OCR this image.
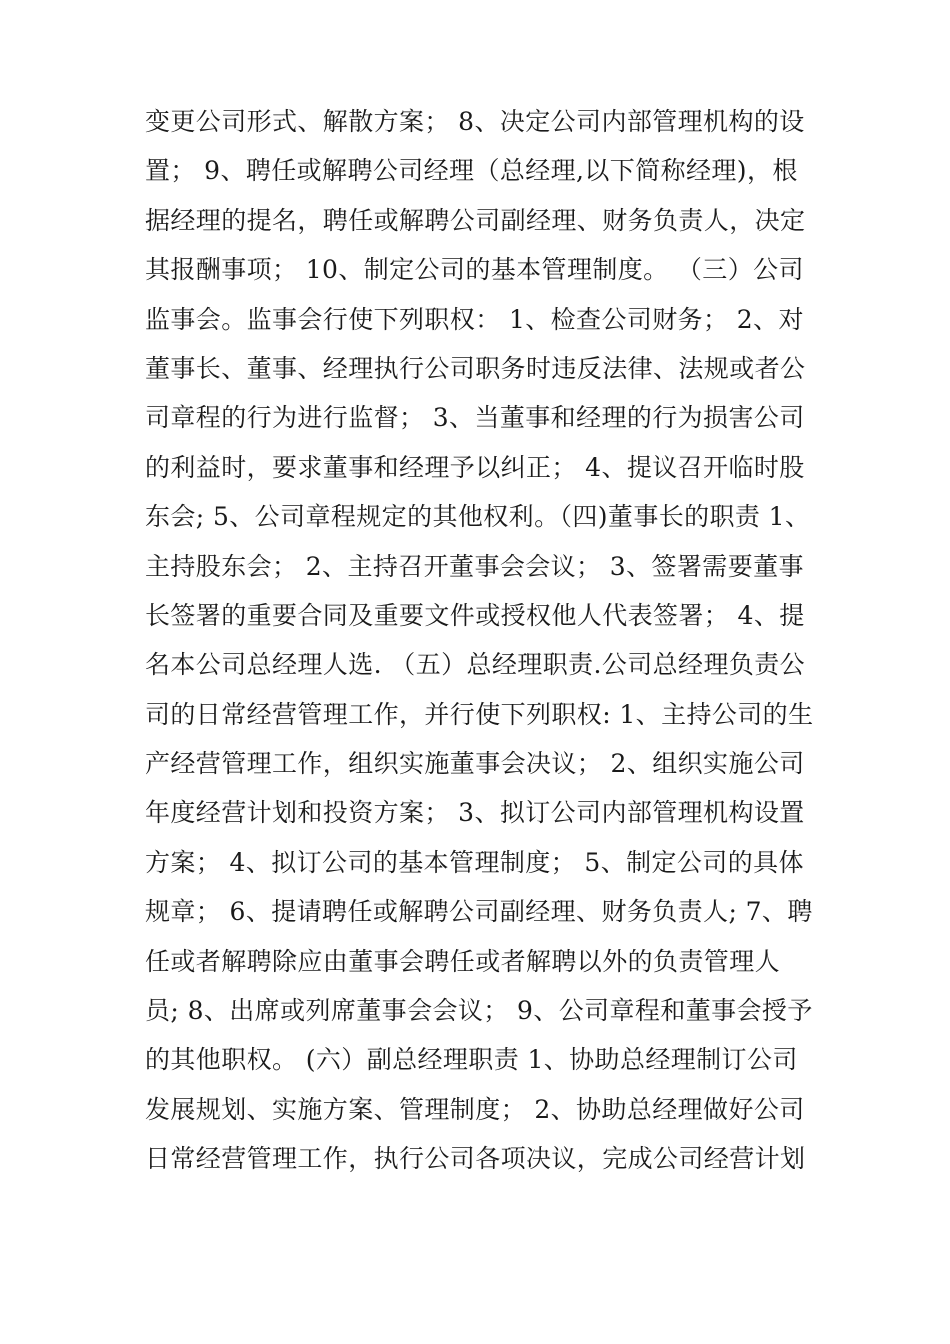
变更公司形式、解散方案； 8、决定公司内部管理机构的设
置； 9、聘任或解聘公司经理（总经理,以下简称经理)，根
据经理的提名，聘任或解聘公司副经理、财务负责人，决定
其报酬事项； 10、制定公司的基本管理制度。 （三）公司
监事会。监事会行使下列职权： 1、检查公司财务； 2、对
董事长、董事、经理执行公司职务时违反法律、法规或者公
司章程的行为进行监督； 3、当董事和经理的行为损害公司
的利益时，要求董事和经理予以纠正； 4、提议召开临时股
东会; 5、公司章程规定的其他权利。（四)董事长的职责 1、
主持股东会； 2、主持召开董事会会议； 3、签署需要董事
长签署的重要合同及重要文件或授权他人代表签署； 4、提
名本公司总经理人选. （五）总经理职责.公司总经理负责公
司的日常经营管理工作，并行使下列职权: 1、主持公司的生
产经营管理工作，组织实施董事会决议； 2、组织实施公司
年度经营计划和投资方案； 3、拟订公司内部管理机构设置
方案； 4、拟订公司的基本管理制度； 5、制定公司的具体
规章； 6、提请聘任或解聘公司副经理、财务负责人; 7、聘
任或者解聘除应由董事会聘任或者解聘以外的负责管理人
员; 8、出席或列席董事会会议； 9、公司章程和董事会授予
的其他职权。 (六）副总经理职责 1、协助总经理制订公司
发展规划、实施方案、管理制度； 2、协助总经理做好公司
日常经营管理工作，执行公司各项决议，完成公司经营计划
